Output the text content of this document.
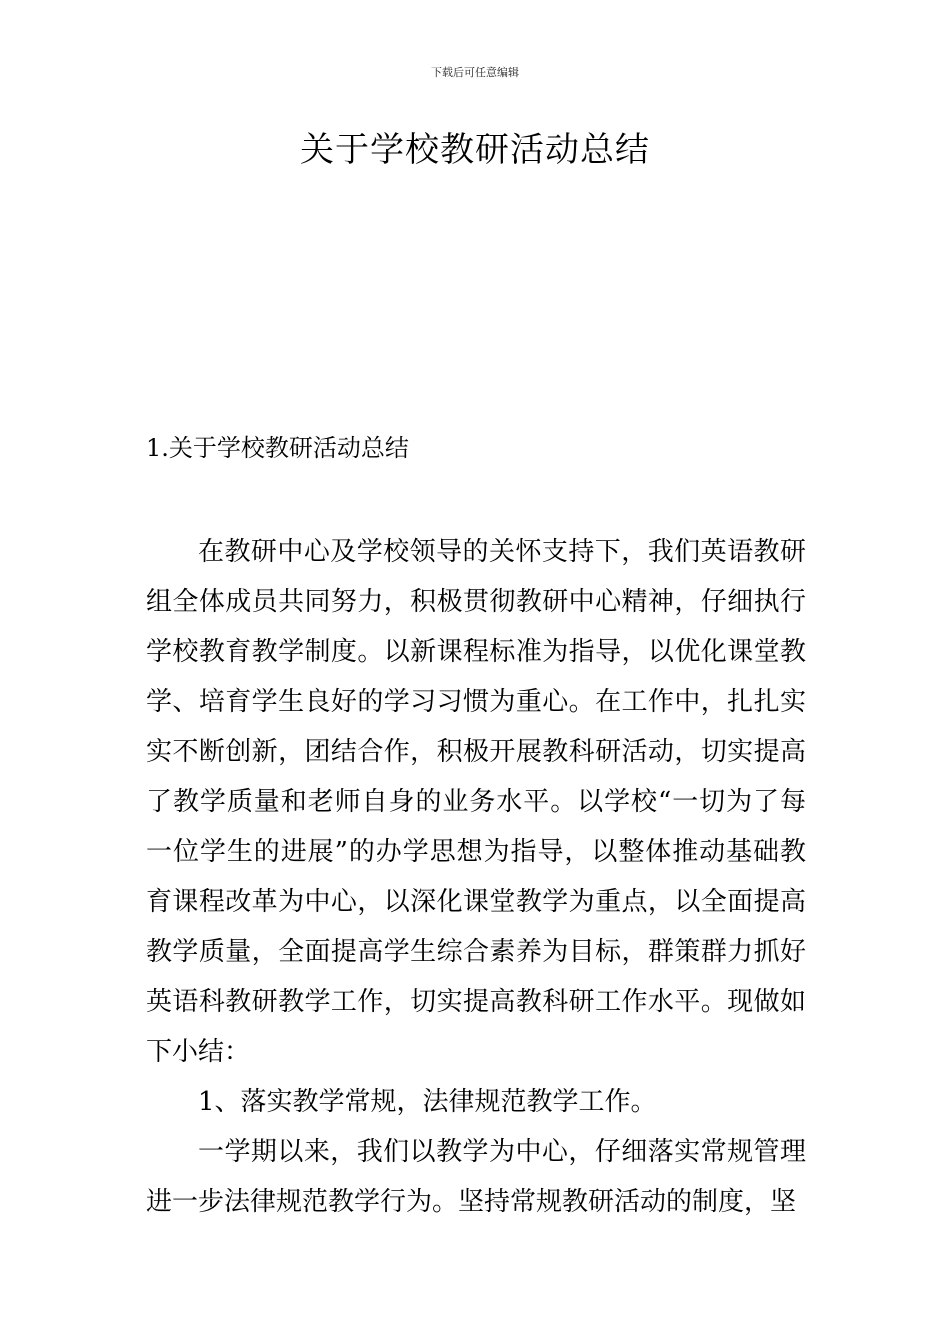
下载后可任意编辑
关于学校教研活动总结
1.关于学校教研活动总结

在教研中心及学校领导的关怀支持下，我们英语教研组全体成员共同努力，积极贯彻教研中心精神，仔细执行学校教育教学制度。以新课程标准为指导，以优化课堂教学、培育学生良好的学习习惯为重心。在工作中，扎扎实实不断创新，团结合作，积极开展教科研活动，切实提高了教学质量和老师自身的业务水平。以学校“一切为了每一位学生的进展”的办学思想为指导，以整体推动基础教育课程改革为中心，以深化课堂教学为重点，以全面提高教学质量，全面提高学生综合素养为目标，群策群力抓好英语科教研教学工作，切实提高教科研工作水平。现做如下小结：

1、落实教学常规，法律规范教学工作。

一学期以来，我们以教学为中心，仔细落实常规管理进一步法律规范教学行为。坚持常规教研活动的制度，坚
